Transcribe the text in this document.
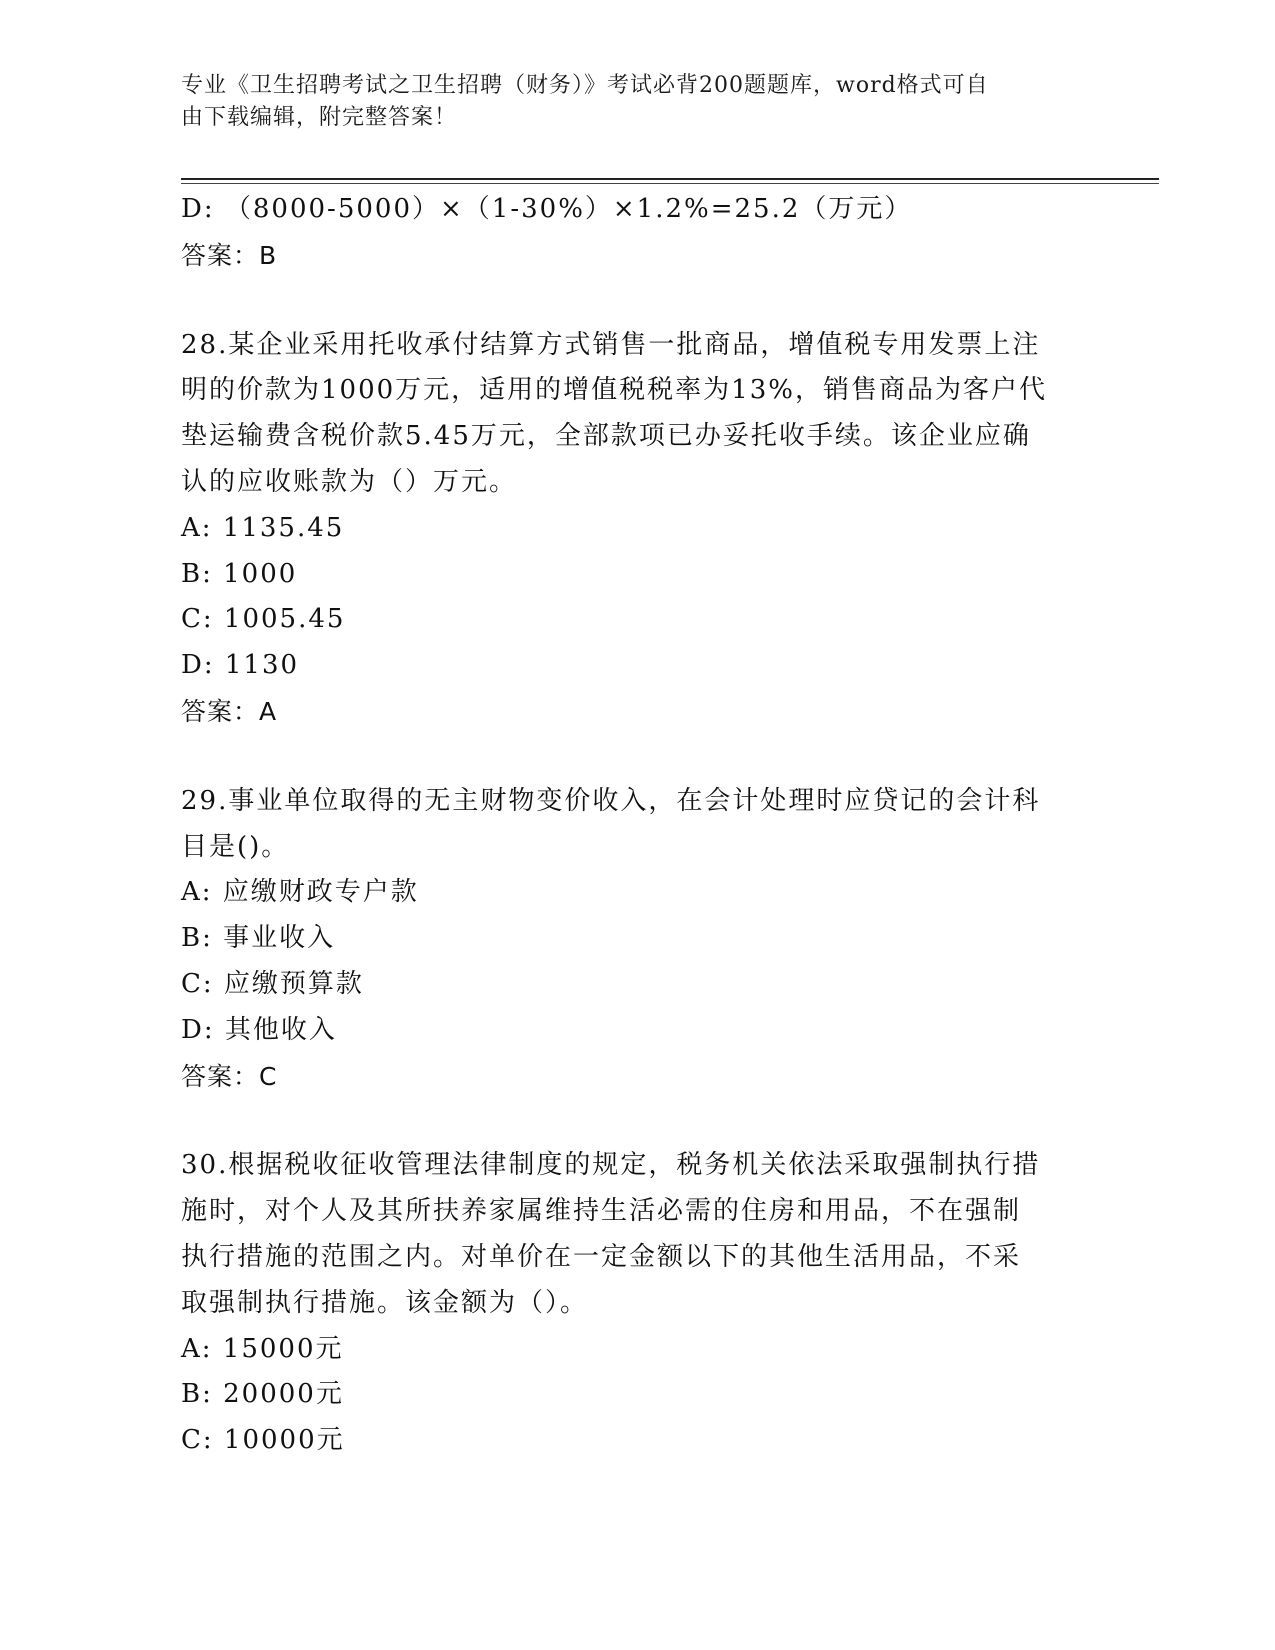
专业《卫生招聘考试之卫生招聘（财务）》考试必背200题题库，word格式可自
由下载编辑，附完整答案！
D: （8000-5000）×（1-30%）×1.2%=25.2（万元）
答案：B
28.某企业采用托收承付结算方式销售一批商品，增值税专用发票上注
明的价款为1000万元，适用的增值税税率为13%，销售商品为客户代
垫运输费含税价款5.45万元，全部款项已办妥托收手续。该企业应确
认的应收账款为（）万元。
A: 1135.45
B: 1000
C: 1005.45
D: 1130
答案：A
29.事业单位取得的无主财物变价收入，在会计处理时应贷记的会计科
目是()。
A: 应缴财政专户款
B: 事业收入
C: 应缴预算款
D: 其他收入
答案：C
30.根据税收征收管理法律制度的规定，税务机关依法采取强制执行措
施时，对个人及其所扶养家属维持生活必需的住房和用品，不在强制
执行措施的范围之内。对单价在一定金额以下的其他生活用品，不采
取强制执行措施。该金额为（）。
A: 15000元
B: 20000元
C: 10000元
